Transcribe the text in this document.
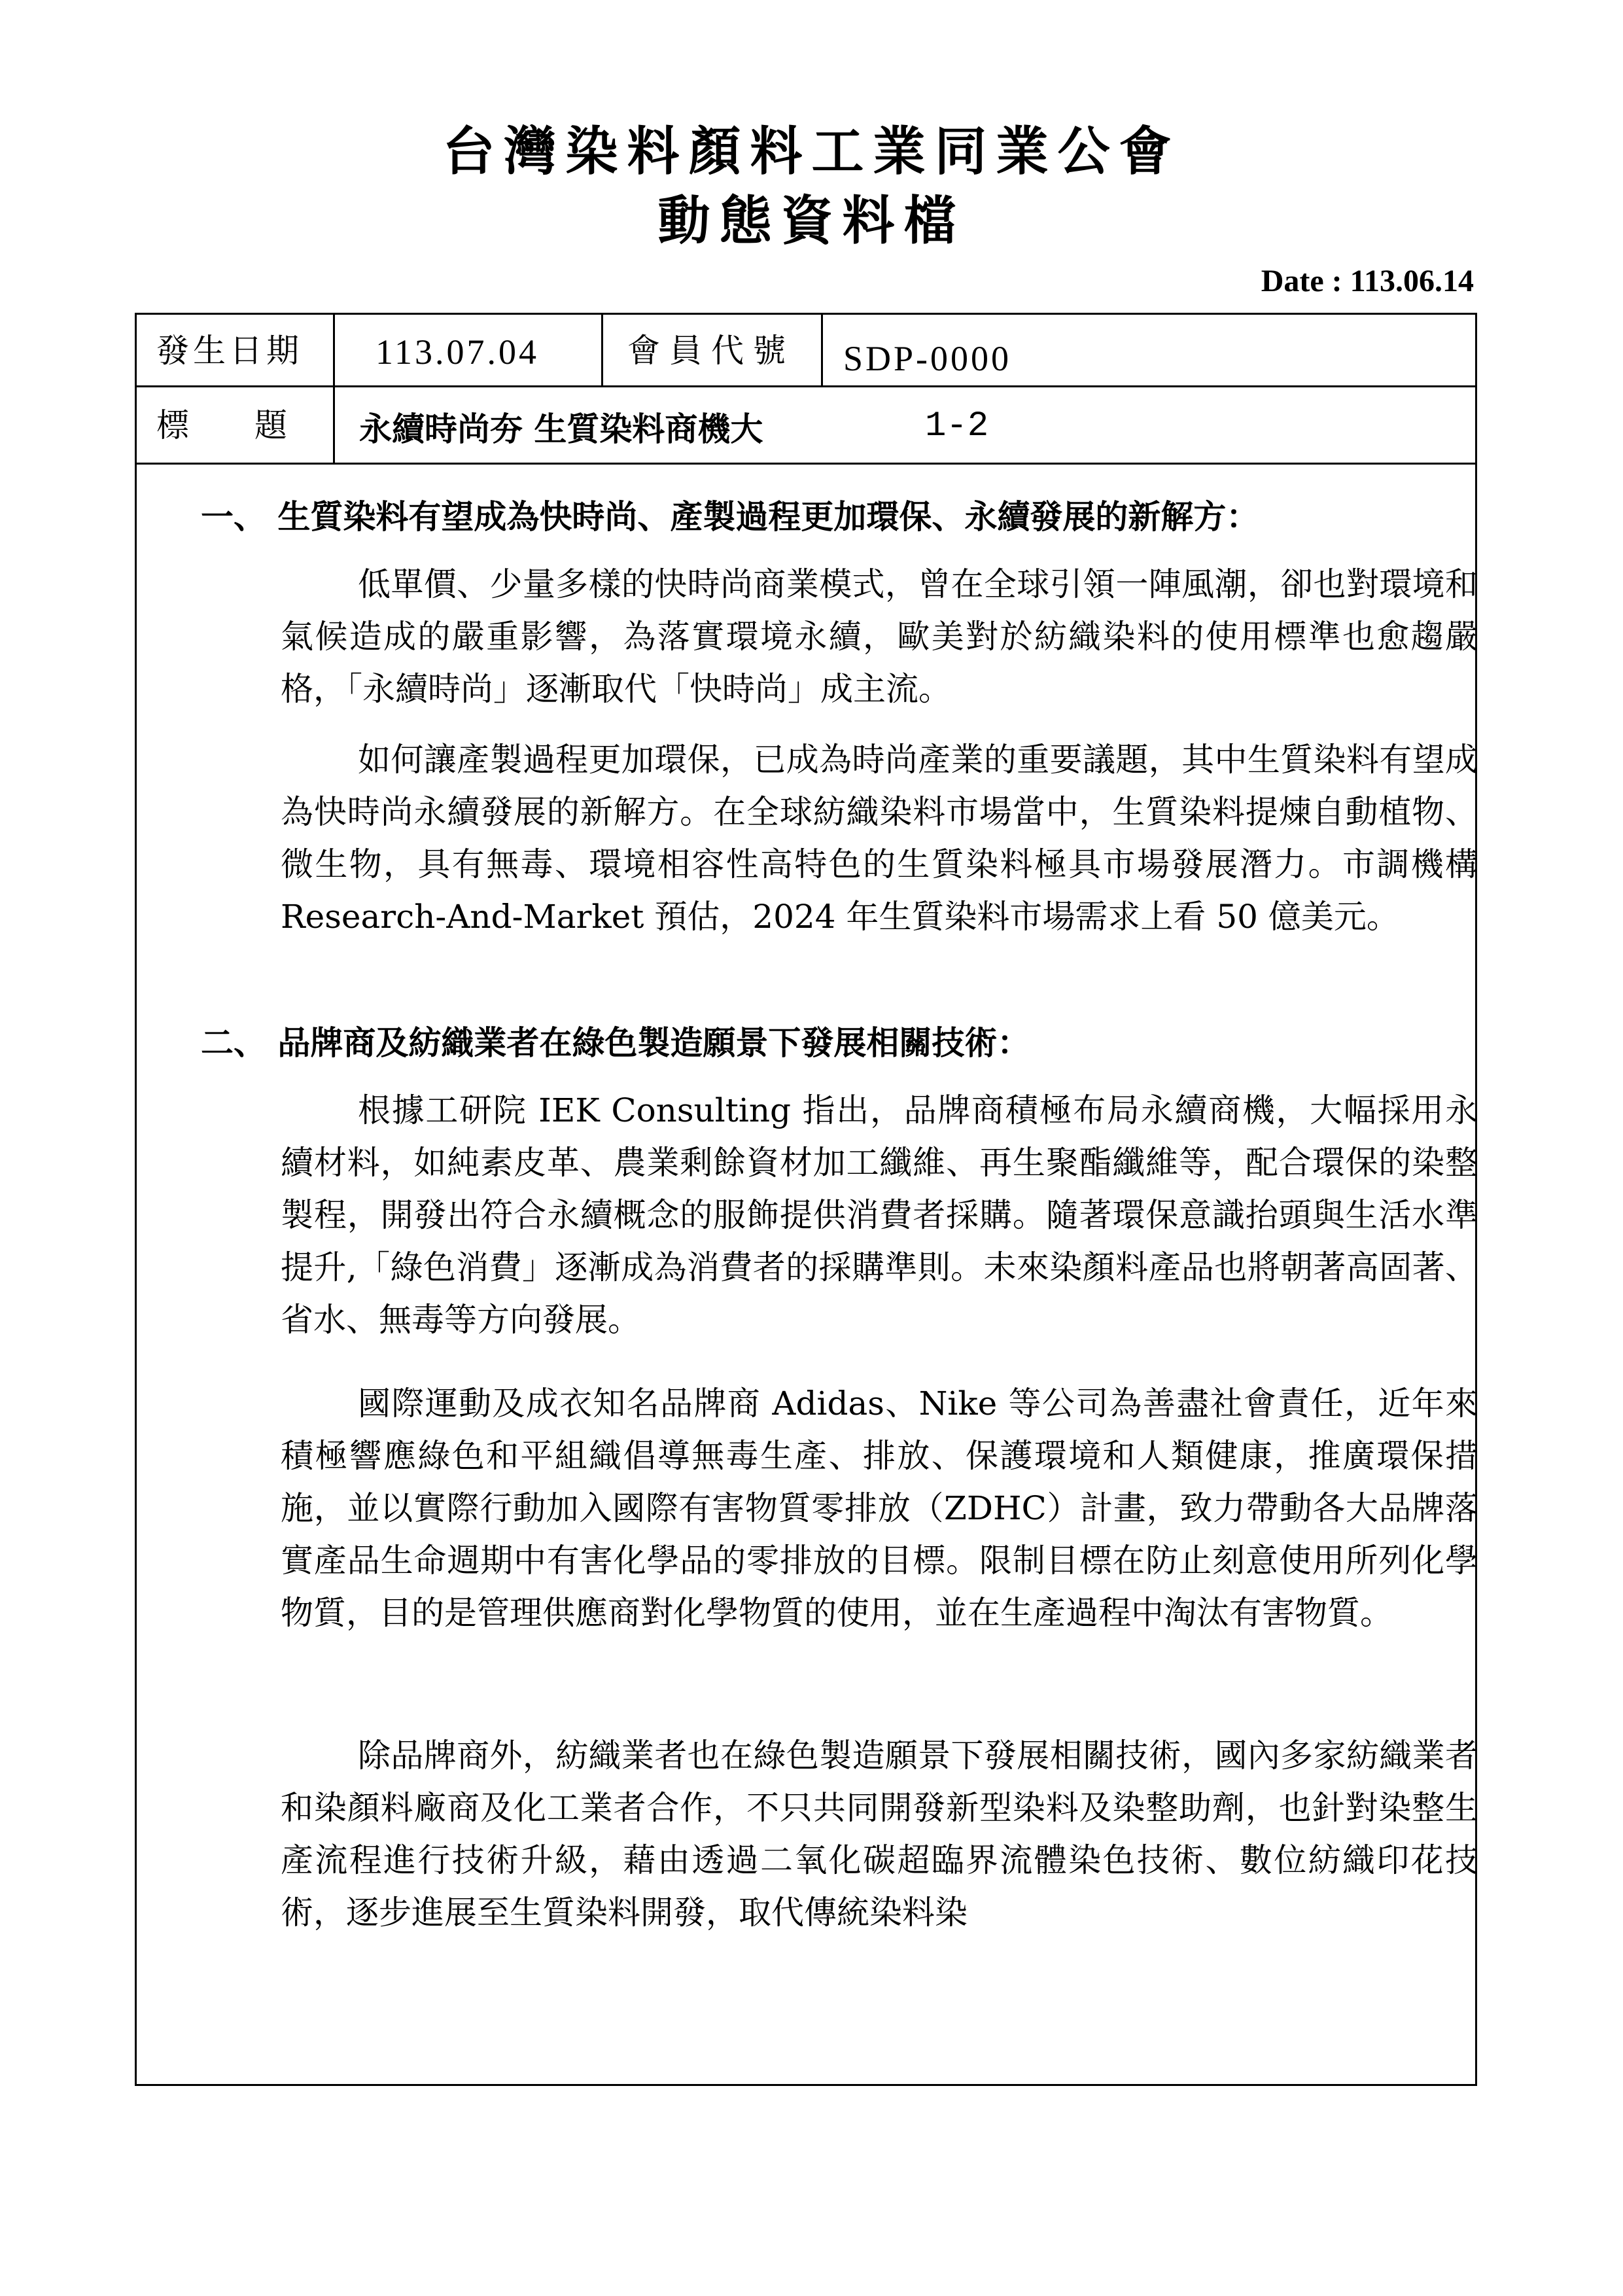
台灣染料顏料工業同業公會
動態資料檔
Date : 113.06.14
發生日期 113.07.04	會員代號 SDP-0000
標　　題 永續時尚夯 生質染料商機大	1-2
一、 生質染料有望成為快時尚、產製過程更加環保、永續發展的新解方：
低單價、少量多樣的快時尚商業模式，曾在全球引領一陣風潮，卻也對環境和氣候造成的嚴重影響，為落實環境永續，歐美對於紡織染料的使用標準也愈趨嚴格，「永續時尚」逐漸取代「快時尚」成主流。
如何讓產製過程更加環保，已成為時尚產業的重要議題，其中生質染料有望成為快時尚永續發展的新解方。在全球紡織染料市場當中，生質染料提煉自動植物、微生物，具有無毒、環境相容性高特色的生質染料極具市場發展潛力。市調機構 Research-And-Market 預估，2024 年生質染料市場需求上看 50 億美元。
二、 品牌商及紡織業者在綠色製造願景下發展相關技術：
根據工研院 IEK Consulting 指出，品牌商積極布局永續商機，大幅採用永續材料，如純素皮革、農業剩餘資材加工纖維、再生聚酯纖維等，配合環保的染整製程，開發出符合永續概念的服飾提供消費者採購。隨著環保意識抬頭與生活水準提升,「綠色消費」逐漸成為消費者的採購準則。未來染顏料產品也將朝著高固著、省水、無毒等方向發展。
國際運動及成衣知名品牌商 Adidas、Nike 等公司為善盡社會責任，近年來積極響應綠色和平組織倡導無毒生產、排放、保護環境和人類健康，推廣環保措施，並以實際行動加入國際有害物質零排放（ZDHC）計畫，致力帶動各大品牌落實產品生命週期中有害化學品的零排放的目標。限制目標在防止刻意使用所列化學物質，目的是管理供應商對化學物質的使用，並在生產過程中淘汰有害物質。
除品牌商外，紡織業者也在綠色製造願景下發展相關技術，國內多家紡織業者和染顏料廠商及化工業者合作，不只共同開發新型染料及染整助劑，也針對染整生產流程進行技術升級，藉由透過二氧化碳超臨界流體染色技術、數位紡織印花技術，逐步進展至生質染料開發，取代傳統染料染
